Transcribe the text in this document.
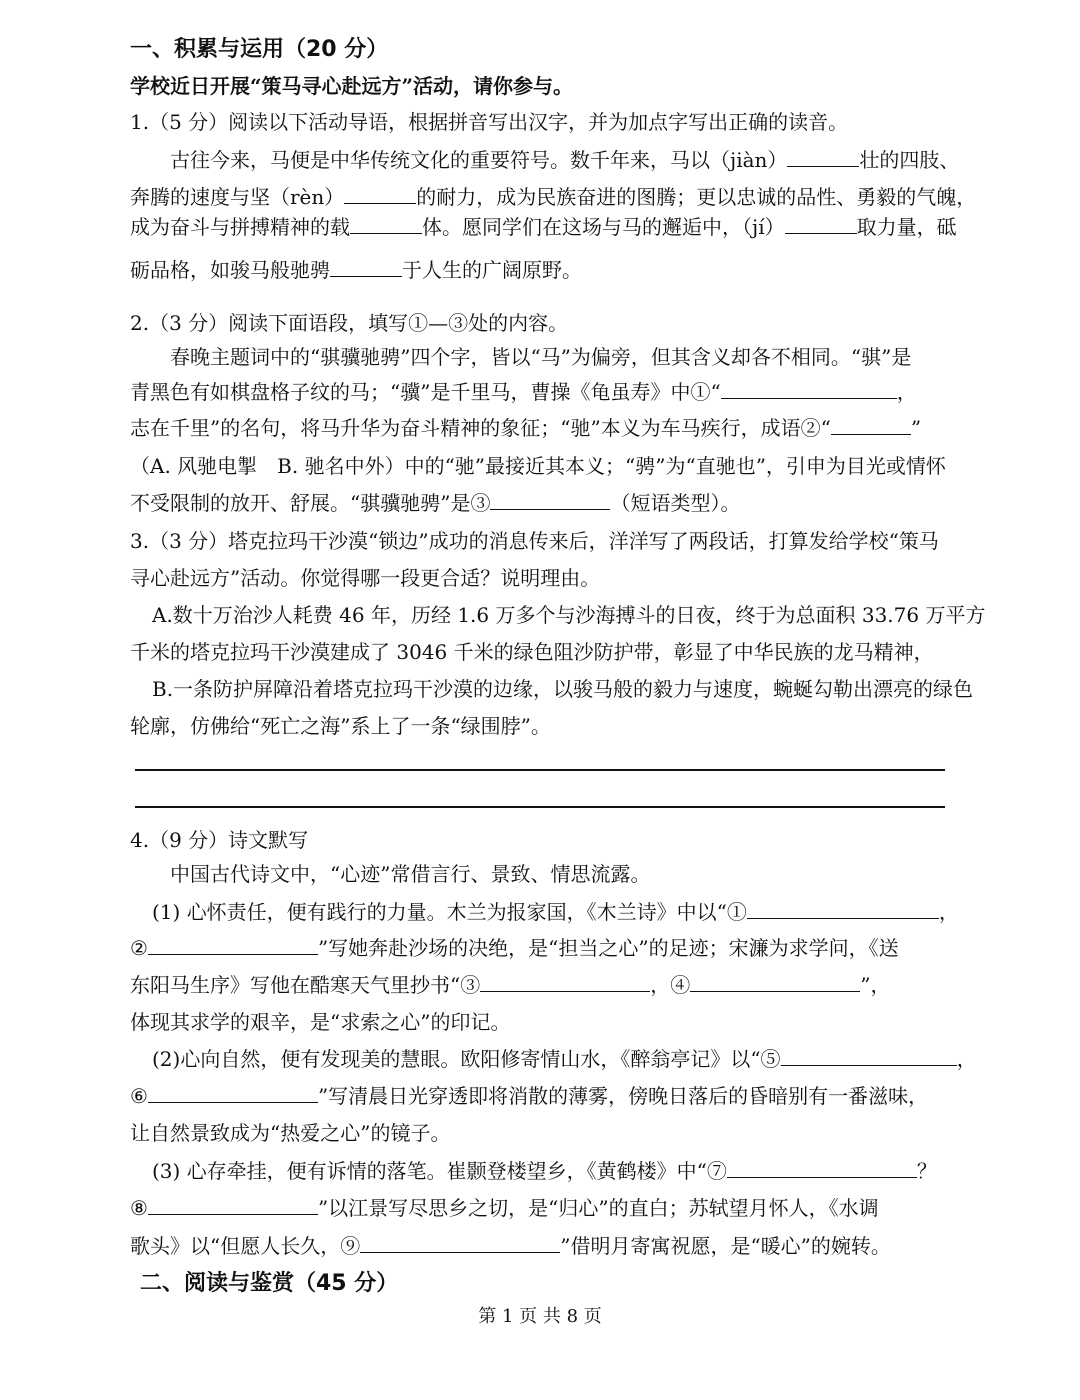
一、积累与运用（20 分）
学校近日开展“策马寻心赴远方”活动，请你参与。
1.（5 分）阅读以下活动导语，根据拼音写出汉字，并为加点字写出正确的读音。
古往今来，马便是中华传统文化的重要符号。数千年来，马以（jiàn）	壮的四肢、
奔腾的速度与坚（rèn）	的耐力，成为民族奋进的图腾；更以忠诚的品性、勇毅的气魄，
成为奋斗与拼搏精神的载	体。愿同学们在这场与马的邂逅中，（jí）	取力量，砥
砺品格，如骏马般驰骋	于人生的广阔原野。
2.（3 分）阅读下面语段，填写①—③处的内容。
春晚主题词中的“骐骥驰骋”四个字，皆以“马”为偏旁，但其含义却各不相同。“骐”是
青黑色有如棋盘格子纹的马；“骥”是千里马，曹操《龟虽寿》中①“	，
志在千里”的名句，将马升华为奋斗精神的象征；“驰”本义为车马疾行，成语②“	”
（A. 风驰电掣　B. 驰名中外）中的“驰”最接近其本义；“骋”为“直驰也”，引申为目光或情怀
不受限制的放开、舒展。“骐骥驰骋”是③	（短语类型）。
3.（3 分）塔克拉玛干沙漠“锁边”成功的消息传来后，洋洋写了两段话，打算发给学校“策马
寻心赴远方”活动。你觉得哪一段更合适？说明理由。
A.数十万治沙人耗费 46 年，历经 1.6 万多个与沙海搏斗的日夜，终于为总面积 33.76 万平方
千米的塔克拉玛干沙漠建成了 3046 千米的绿色阻沙防护带，彰显了中华民族的龙马精神，
B.一条防护屏障沿着塔克拉玛干沙漠的边缘，以骏马般的毅力与速度，蜿蜒勾勒出漂亮的绿色
轮廓，仿佛给“死亡之海”系上了一条“绿围脖”。
4.（9 分）诗文默写
中国古代诗文中，“心迹”常借言行、景致、情思流露。
(1) 心怀责任，便有践行的力量。木兰为报家国，《木兰诗》中以“①	，
②	”写她奔赴沙场的决绝，是“担当之心”的足迹；宋濂为求学问，《送
东阳马生序》写他在酷寒天气里抄书“③	，④	”，
体现其求学的艰辛，是“求索之心”的印记。
(2)心向自然，便有发现美的慧眼。欧阳修寄情山水，《醉翁亭记》以“⑤	，
⑥	”写清晨日光穿透即将消散的薄雾，傍晚日落后的昏暗别有一番滋味，
让自然景致成为“热爱之心”的镜子。
(3) 心存牵挂，便有诉情的落笔。崔颢登楼望乡，《黄鹤楼》中“⑦	？
⑧	”以江景写尽思乡之切，是“归心”的直白；苏轼望月怀人，《水调
歌头》以“但愿人长久，⑨	”借明月寄寓祝愿，是“暖心”的婉转。
二、阅读与鉴赏（45 分）
第 1 页 共 8 页
